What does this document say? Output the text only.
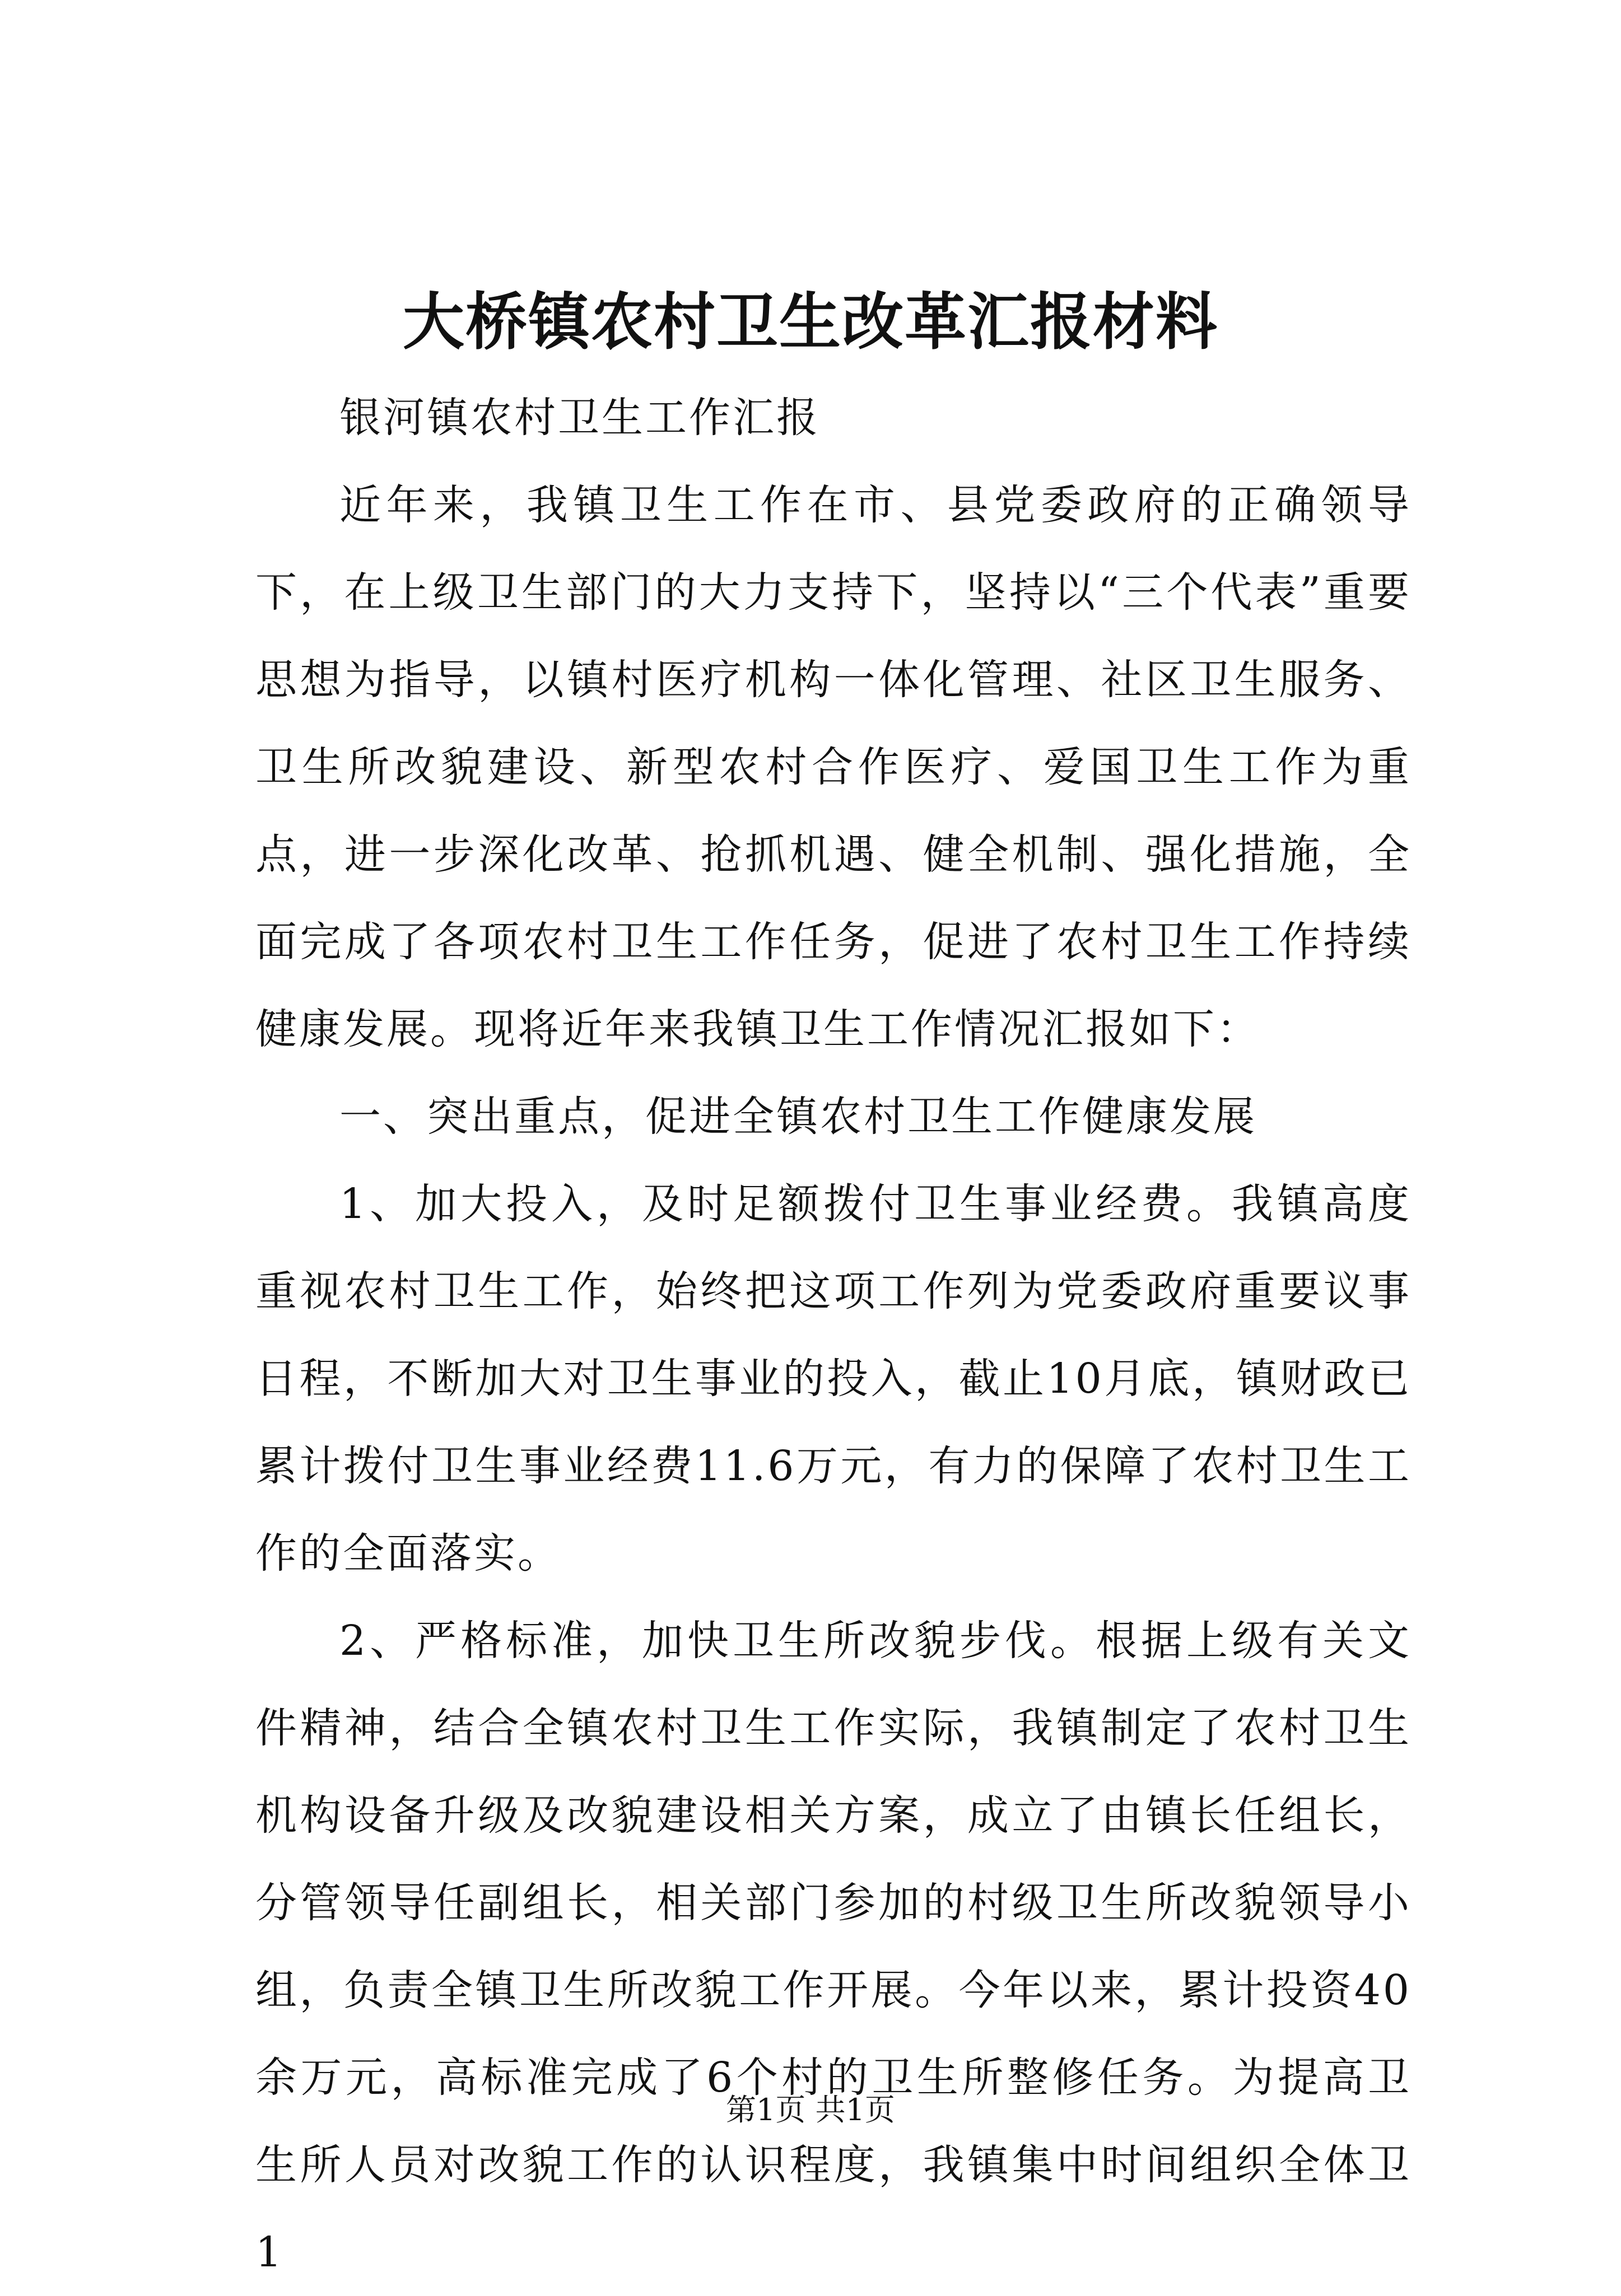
大桥镇农村卫生改革汇报材料

银河镇农村卫生工作汇报

近年来，我镇卫生工作在市、县党委政府的正确领导下，在上级卫生部门的大力支持下，坚持以“三个代表”重要思想为指导，以镇村医疗机构一体化管理、社区卫生服务、卫生所改貌建设、新型农村合作医疗、爱国卫生工作为重点，进一步深化改革、抢抓机遇、健全机制、强化措施，全面完成了各项农村卫生工作任务，促进了农村卫生工作持续健康发展。现将近年来我镇卫生工作情况汇报如下：

一、突出重点，促进全镇农村卫生工作健康发展

1、加大投入，及时足额拨付卫生事业经费。我镇高度重视农村卫生工作，始终把这项工作列为党委政府重要议事日程，不断加大对卫生事业的投入，截止10月底，镇财政已累计拨付卫生事业经费11.6万元，有力的保障了农村卫生工作的全面落实。

2、严格标准，加快卫生所改貌步伐。根据上级有关文件精神，结合全镇农村卫生工作实际，我镇制定了农村卫生机构设备升级及改貌建设相关方案，成立了由镇长任组长，分管领导任副组长，相关部门参加的村级卫生所改貌领导小组，负责全镇卫生所改貌工作开展。今年以来，累计投资40余万元，高标准完成了6个村的卫生所整修任务。为提高卫生所人员对改貌工作的认识程度，我镇集中时间组织全体卫1

第1页 共1页
